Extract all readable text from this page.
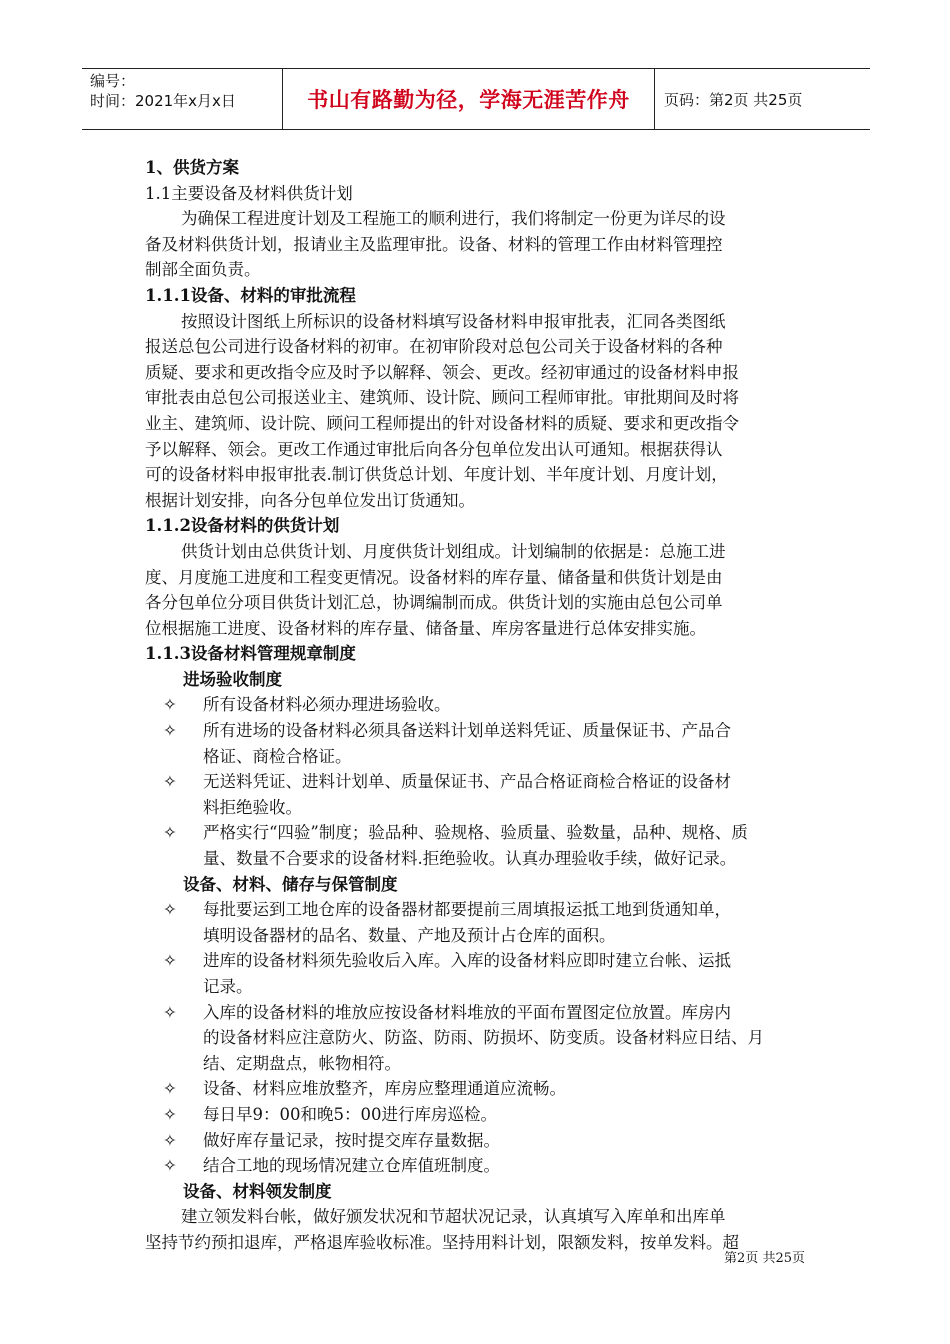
编号：
时间：2021年x月x日	书山有路勤为径，学海无涯苦作舟	页码：第2页 共25页
1、供货方案
1.1主要设备及材料供货计划
为确保工程进度计划及工程施工的顺利进行，我们将制定一份更为详尽的设
备及材料供货计划，报请业主及监理审批。设备、材料的管理工作由材料管理控
制部全面负责。
1.1.1设备、材料的审批流程
按照设计图纸上所标识的设备材料填写设备材料申报审批表，汇同各类图纸
报送总包公司进行设备材料的初审。在初审阶段对总包公司关于设备材料的各种
质疑、要求和更改指令应及时予以解释、领会、更改。经初审通过的设备材料申报
审批表由总包公司报送业主、建筑师、设计院、顾问工程师审批。审批期间及时将
业主、建筑师、设计院、顾问工程师提出的针对设备材料的质疑、要求和更改指令
予以解释、领会。更改工作通过审批后向各分包单位发出认可通知。根据获得认
可的设备材料申报审批表.制订供货总计划、年度计划、半年度计划、月度计划，
根据计划安排，向各分包单位发出订货通知。
1.1.2设备材料的供货计划
供货计划由总供货计划、月度供货计划组成。计划编制的依据是：总施工进
度、月度施工进度和工程变更情况。设备材料的库存量、储备量和供货计划是由
各分包单位分项目供货计划汇总，协调编制而成。供货计划的实施由总包公司单
位根据施工进度、设备材料的库存量、储备量、库房客量进行总体安排实施。
1.1.3设备材料管理规章制度
进场验收制度
✧ 所有设备材料必须办理进场验收。
✧ 所有进场的设备材料必须具备送料计划单送料凭证、质量保证书、产品合
格证、商检合格证。
✧ 无送料凭证、进料计划单、质量保证书、产品合格证商检合格证的设备材
料拒绝验收。
✧ 严格实行“四验”制度；验品种、验规格、验质量、验数量，品种、规格、质
量、数量不合要求的设备材料.拒绝验收。认真办理验收手续，做好记录。
设备、材料、储存与保管制度
✧ 每批要运到工地仓库的设备器材都要提前三周填报运抵工地到货通知单，
填明设备器材的品名、数量、产地及预计占仓库的面积。
✧ 进库的设备材料须先验收后入库。入库的设备材料应即时建立台帐、运抵
记录。
✧ 入库的设备材料的堆放应按设备材料堆放的平面布置图定位放置。库房内
的设备材料应注意防火、防盗、防雨、防损坏、防变质。设备材料应日结、月
结、定期盘点，帐物相符。
✧ 设备、材料应堆放整齐，库房应整理通道应流畅。
✧ 每日早9：00和晚5：00进行库房巡检。
✧ 做好库存量记录，按时提交库存量数据。
✧ 结合工地的现场情况建立仓库值班制度。
设备、材料领发制度
建立领发料台帐，做好颁发状况和节超状况记录，认真填写入库单和出库单
坚持节约预扣退库，严格退库验收标准。坚持用料计划，限额发料，按单发料。超
第2页 共25页
